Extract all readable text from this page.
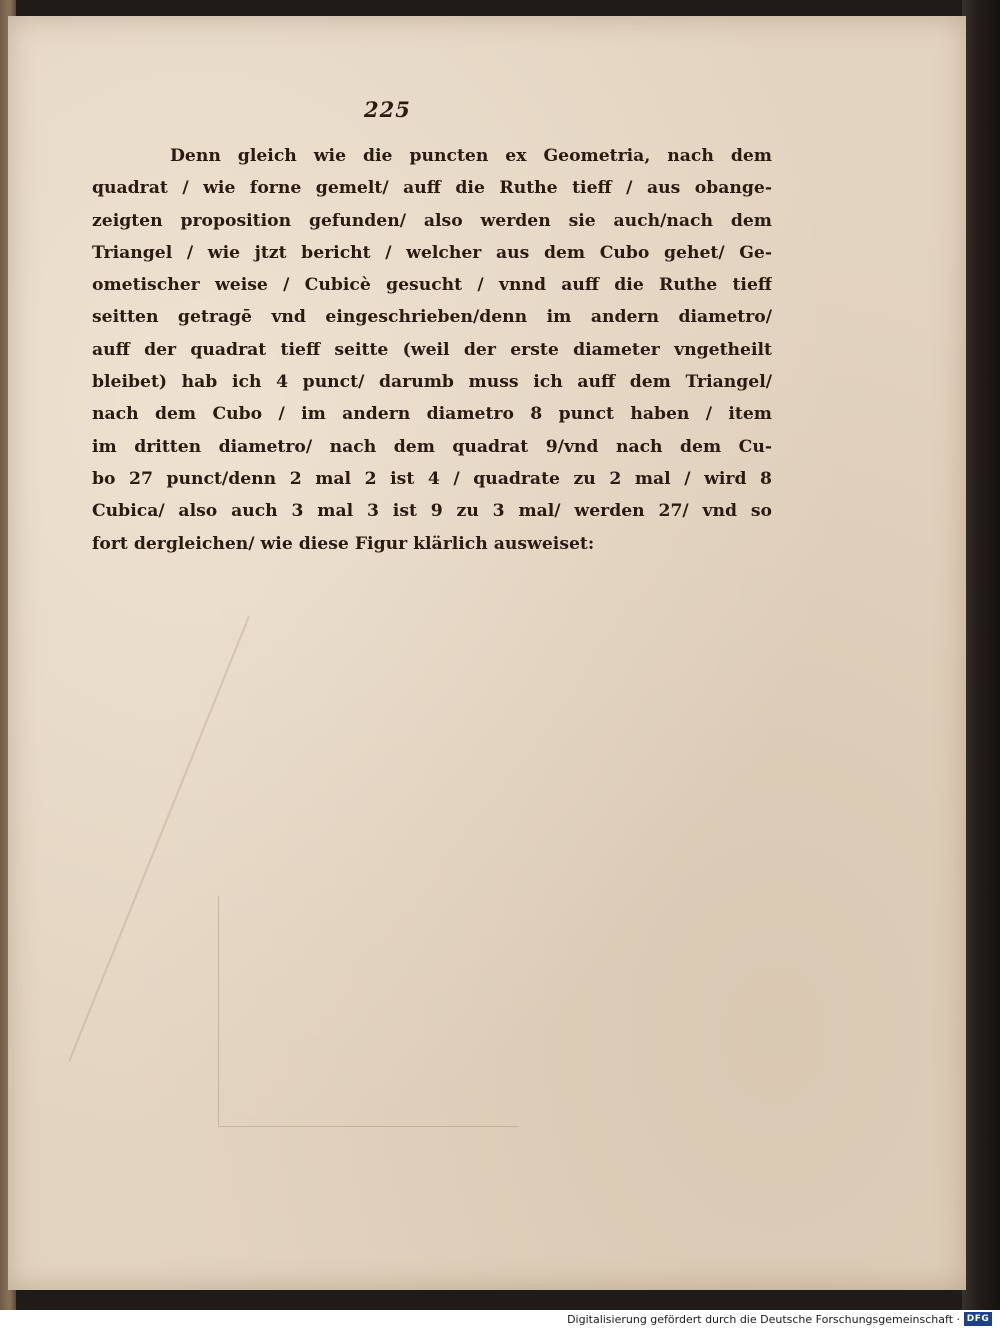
225
Denn gleich wie die puncten ex Geometria, nach dem
quadrat / wie forne gemelt/ auff die Ruthe tieff / aus obange-
zeigten proposition gefunden/ also werden sie auch/nach dem
Triangel / wie jtzt bericht / welcher aus dem Cubo gehet/ Ge-
ometischer weise / Cubicè gesucht / vnnd auff die Ruthe tieff
seitten getragē vnd eingeschrieben/denn im andern diametro/
auff der quadrat tieff seitte (weil der erste diameter vngetheilt
bleibet) hab ich 4 punct/ darumb muss ich auff dem Triangel/
nach dem Cubo / im andern diametro 8 punct haben / item
im dritten diametro/ nach dem quadrat 9/vnd nach dem Cu-
bo 27 punct/denn 2 mal 2 ist 4 / quadrate zu 2 mal / wird 8
Cubica/ also auch 3 mal 3 ist 9 zu 3 mal/ werden 27/ vnd so
fort dergleichen/ wie diese Figur klärlich ausweiset:
Digitalisierung gefördert durch die Deutsche Forschungsgemeinschaft · DFG
